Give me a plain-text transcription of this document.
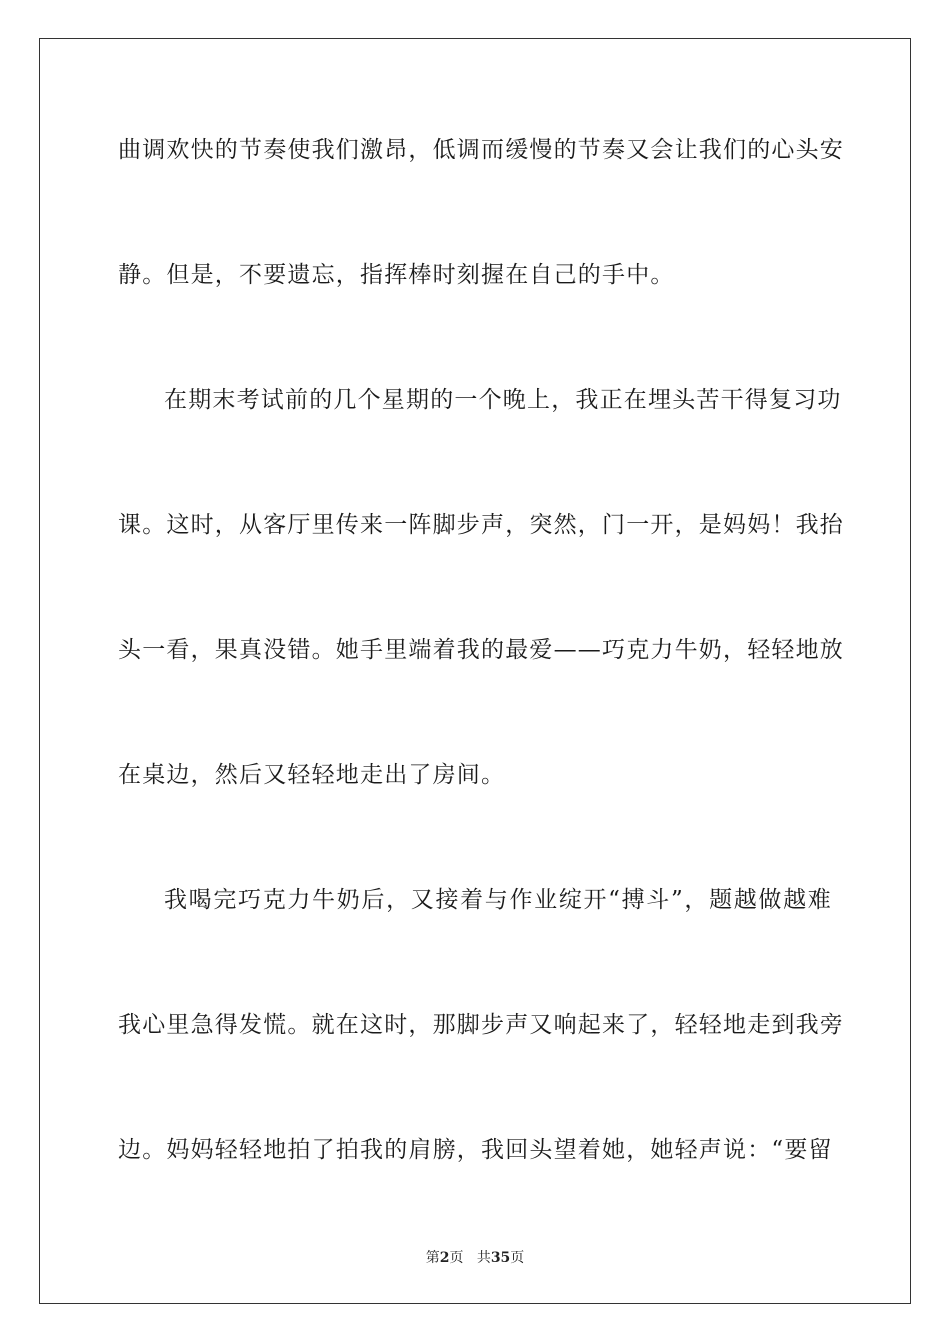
曲调欢快的节奏使我们激昂，低调而缓慢的节奏又会让我们的心头安
静。但是，不要遗忘，指挥棒时刻握在自己的手中。
在期末考试前的几个星期的一个晚上，我正在埋头苦干得复习功
课。这时，从客厅里传来一阵脚步声，突然，门一开，是妈妈！我抬
头一看，果真没错。她手里端着我的最爱——巧克力牛奶，轻轻地放
在桌边，然后又轻轻地走出了房间。
我喝完巧克力牛奶后，又接着与作业绽开“搏斗”，题越做越难
我心里急得发慌。就在这时，那脚步声又响起来了，轻轻地走到我旁
边。妈妈轻轻地拍了拍我的肩膀，我回头望着她，她轻声说：“要留
第2页 共35页
